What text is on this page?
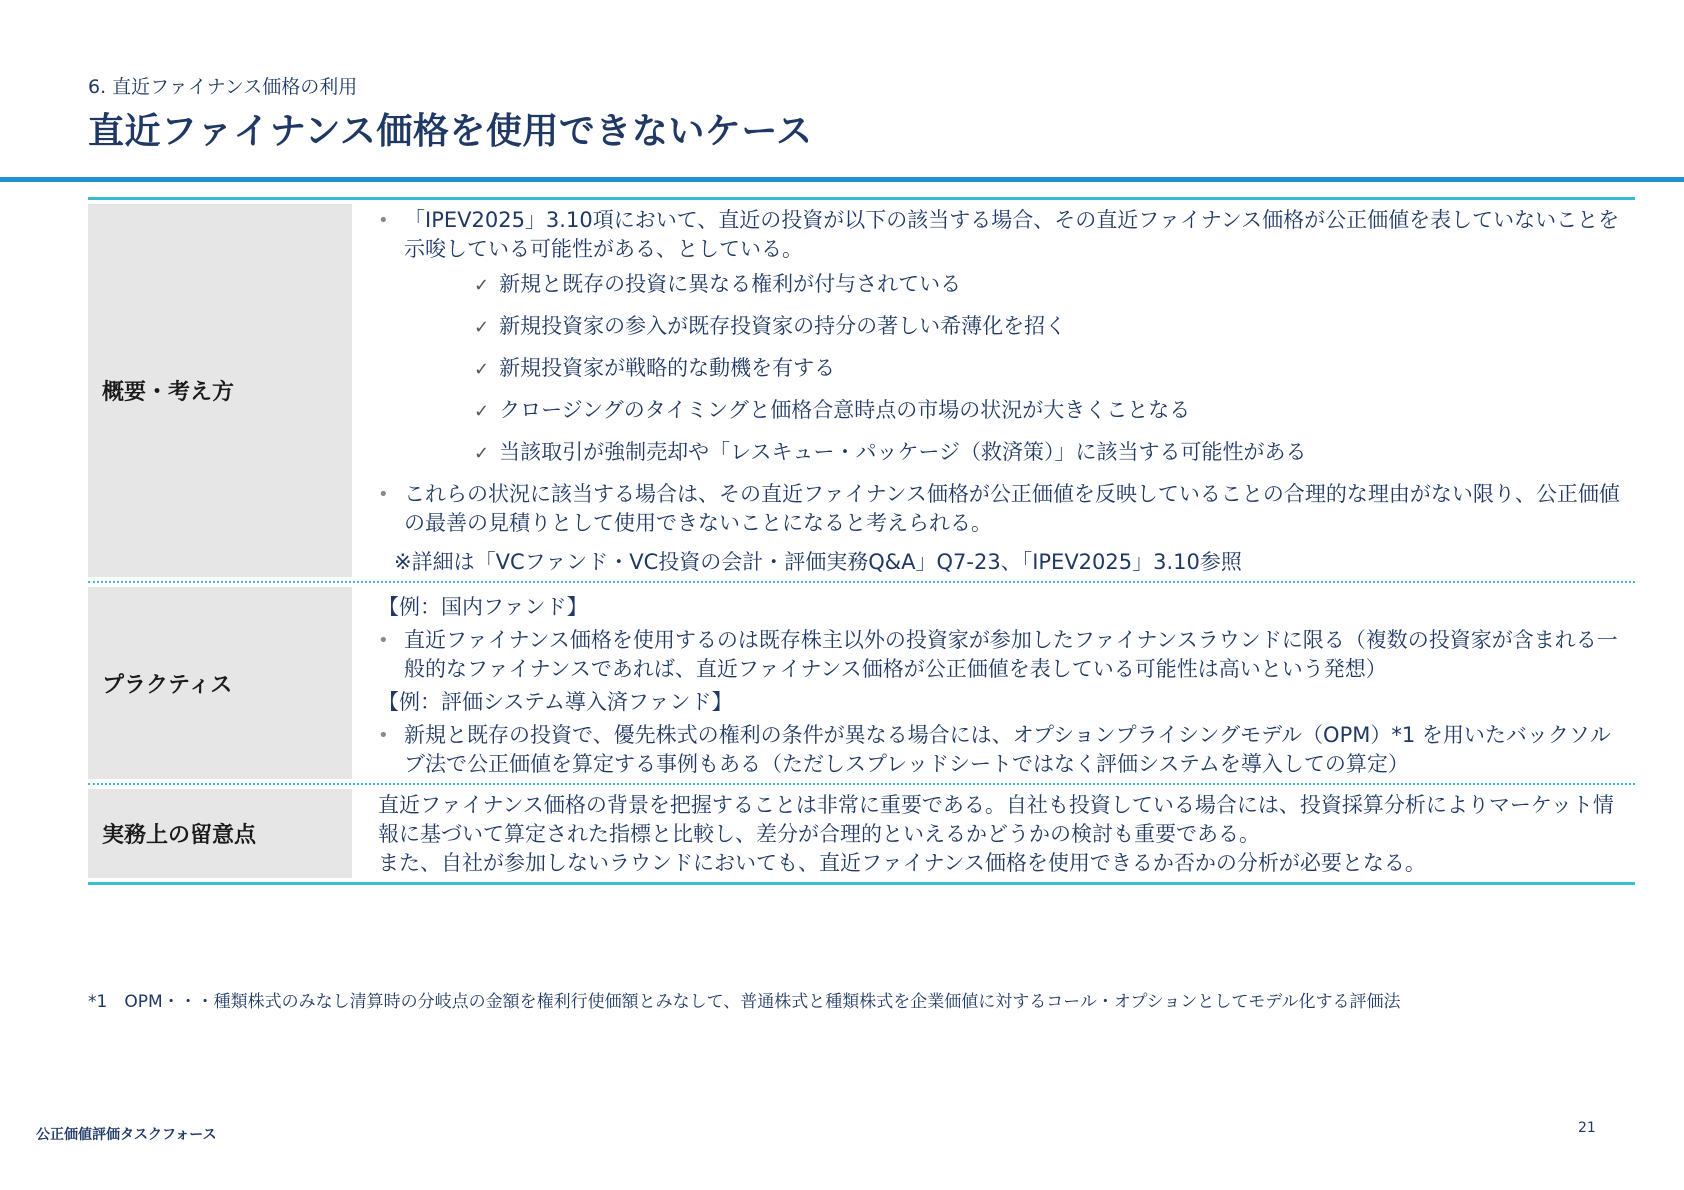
6. 直近ファイナンス価格の利用
直近ファイナンス価格を使用できないケース
概要・考え方
• 「IPEV2025」3.10項において、直近の投資が以下の該当する場合、その直近ファイナンス価格が公正価値を表していないことを示唆している可能性がある、としている。
✓ 新規と既存の投資に異なる権利が付与されている
✓ 新規投資家の参入が既存投資家の持分の著しい希薄化を招く
✓ 新規投資家が戦略的な動機を有する
✓ クロージングのタイミングと価格合意時点の市場の状況が大きくことなる
✓ 当該取引が強制売却や「レスキュー・パッケージ（救済策）」に該当する可能性がある
• これらの状況に該当する場合は、その直近ファイナンス価格が公正価値を反映していることの合理的な理由がない限り、公正価値の最善の見積りとして使用できないことになると考えられる。
※詳細は「VCファンド・VC投資の会計・評価実務Q&A」Q7-23、「IPEV2025」3.10参照
プラクティス
【例：国内ファンド】
• 直近ファイナンス価格を使用するのは既存株主以外の投資家が参加したファイナンスラウンドに限る（複数の投資家が含まれる一般的なファイナンスであれば、直近ファイナンス価格が公正価値を表している可能性は高いという発想）
【例：評価システム導入済ファンド】
• 新規と既存の投資で、優先株式の権利の条件が異なる場合には、オプションプライシングモデル（OPM）*1 を用いたバックソルブ法で公正価値を算定する事例もある（ただしスプレッドシートではなく評価システムを導入しての算定）
実務上の留意点
直近ファイナンス価格の背景を把握することは非常に重要である。自社も投資している場合には、投資採算分析によりマーケット情報に基づいて算定された指標と比較し、差分が合理的といえるかどうかの検討も重要である。
また、自社が参加しないラウンドにおいても、直近ファイナンス価格を使用できるか否かの分析が必要となる。
*1　OPM・・・種類株式のみなし清算時の分岐点の金額を権利行使価額とみなして、普通株式と種類株式を企業価値に対するコール・オプションとしてモデル化する評価法
公正価値評価タスクフォース	21
